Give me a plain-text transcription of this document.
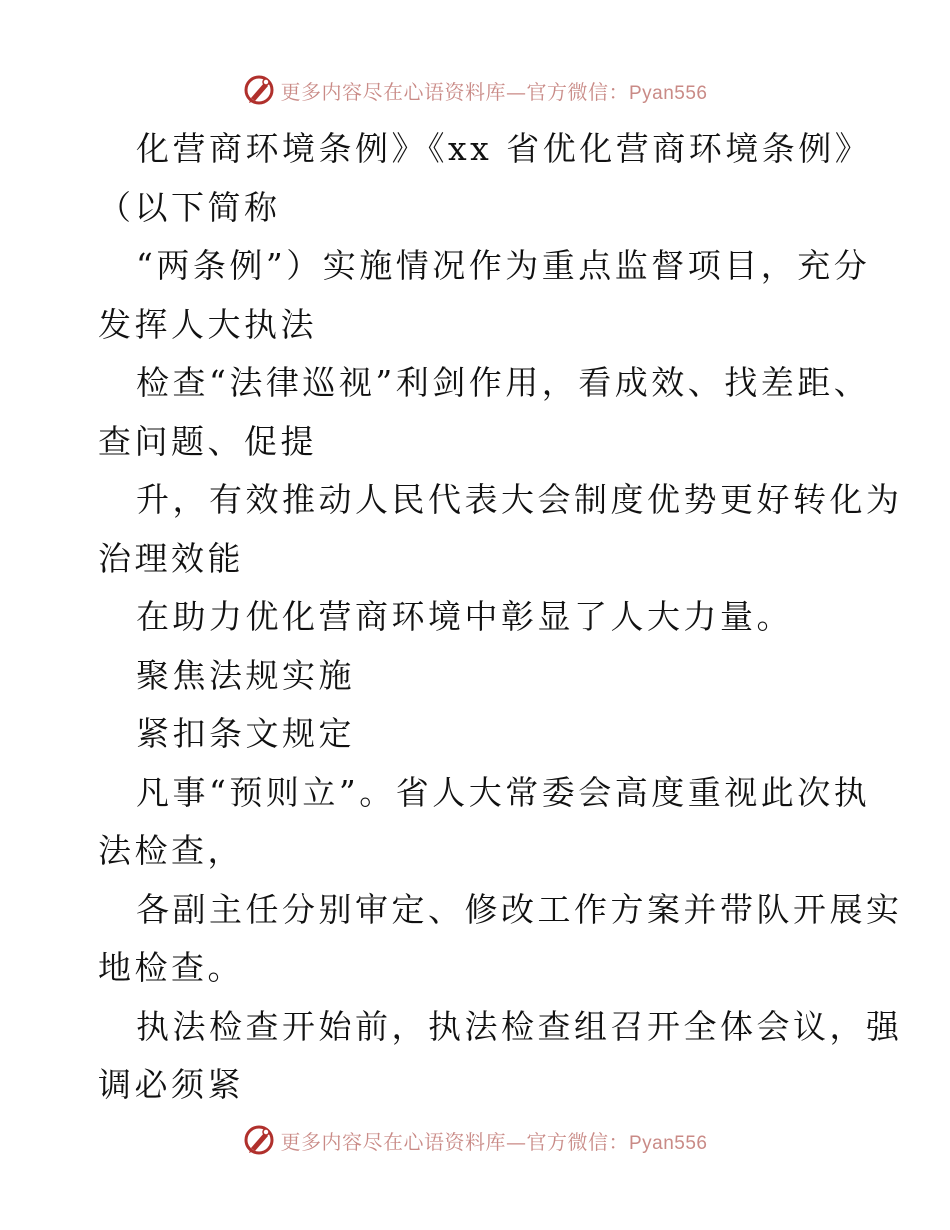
更多内容尽在心语资料库—官方微信：Pyan556
化营商环境条例》《xx 省优化营商环境条例》
（以下简称
“两条例”）实施情况作为重点监督项目，充分
发挥人大执法
检查“法律巡视”利剑作用，看成效、找差距、
查问题、促提
升，有效推动人民代表大会制度优势更好转化为
治理效能
在助力优化营商环境中彰显了人大力量。
聚焦法规实施
紧扣条文规定
凡事“预则立”。省人大常委会高度重视此次执
法检查，
各副主任分别审定、修改工作方案并带队开展实
地检查。
执法检查开始前，执法检查组召开全体会议，强
调必须紧
更多内容尽在心语资料库—官方微信：Pyan556
